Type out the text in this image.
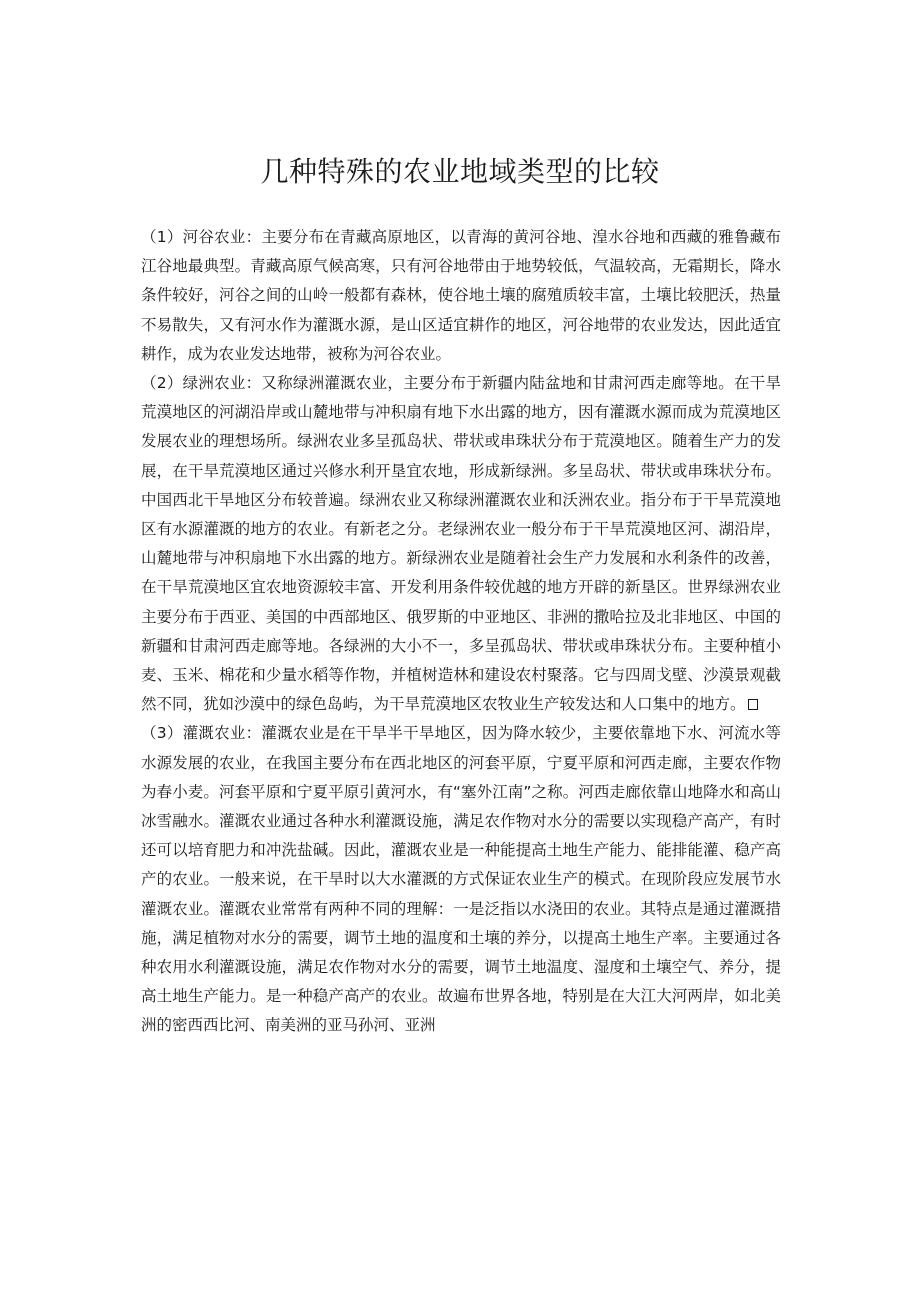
几种特殊的农业地域类型的比较

（1）河谷农业：主要分布在青藏高原地区，以青海的黄河谷地、湟水谷地和西藏的雅鲁藏布江谷地最典型。青藏高原气候高寒，只有河谷地带由于地势较低，气温较高，无霜期长，降水条件较好，河谷之间的山岭一般都有森林，使谷地土壤的腐殖质较丰富，土壤比较肥沃，热量不易散失，又有河水作为灌溉水源，是山区适宜耕作的地区，河谷地带的农业发达，因此适宜耕作，成为农业发达地带，被称为河谷农业。

（2）绿洲农业：又称绿洲灌溉农业，主要分布于新疆内陆盆地和甘肃河西走廊等地。在干旱荒漠地区的河湖沿岸或山麓地带与冲积扇有地下水出露的地方，因有灌溉水源而成为荒漠地区发展农业的理想场所。绿洲农业多呈孤岛状、带状或串珠状分布于荒漠地区。随着生产力的发展，在干旱荒漠地区通过兴修水利开垦宜农地，形成新绿洲。多呈岛状、带状或串珠状分布。中国西北干旱地区分布较普遍。绿洲农业又称绿洲灌溉农业和沃洲农业。指分布于干旱荒漠地区有水源灌溉的地方的农业。有新老之分。老绿洲农业一般分布于干旱荒漠地区河、湖沿岸，山麓地带与冲积扇地下水出露的地方。新绿洲农业是随着社会生产力发展和水利条件的改善，在干旱荒漠地区宜农地资源较丰富、开发利用条件较优越的地方开辟的新垦区。世界绿洲农业主要分布于西亚、美国的中西部地区、俄罗斯的中亚地区、非洲的撒哈拉及北非地区、中国的新疆和甘肃河西走廊等地。各绿洲的大小不一，多呈孤岛状、带状或串珠状分布。主要种植小麦、玉米、棉花和少量水稻等作物，并植树造林和建设农村聚落。它与四周戈壁、沙漠景观截然不同，犹如沙漠中的绿色岛屿，为干旱荒漠地区农牧业生产较发达和人口集中的地方。

（3）灌溉农业：灌溉农业是在干旱半干旱地区，因为降水较少，主要依靠地下水、河流水等水源发展的农业，在我国主要分布在西北地区的河套平原，宁夏平原和河西走廊，主要农作物为春小麦。河套平原和宁夏平原引黄河水，有“塞外江南”之称。河西走廊依靠山地降水和高山冰雪融水。灌溉农业通过各种水利灌溉设施，满足农作物对水分的需要以实现稳产高产，有时还可以培育肥力和冲洗盐碱。因此，灌溉农业是一种能提高土地生产能力、能排能灌、稳产高产的农业。一般来说，在干旱时以大水灌溉的方式保证农业生产的模式。在现阶段应发展节水灌溉农业。灌溉农业常常有两种不同的理解：一是泛指以水浇田的农业。其特点是通过灌溉措施，满足植物对水分的需要，调节土地的温度和土壤的养分，以提高土地生产率。主要通过各种农用水利灌溉设施，满足农作物对水分的需要，调节土地温度、湿度和土壤空气、养分，提高土地生产能力。是一种稳产高产的农业。故遍布世界各地，特别是在大江大河两岸，如北美洲的密西西比河、南美洲的亚马孙河、亚洲
